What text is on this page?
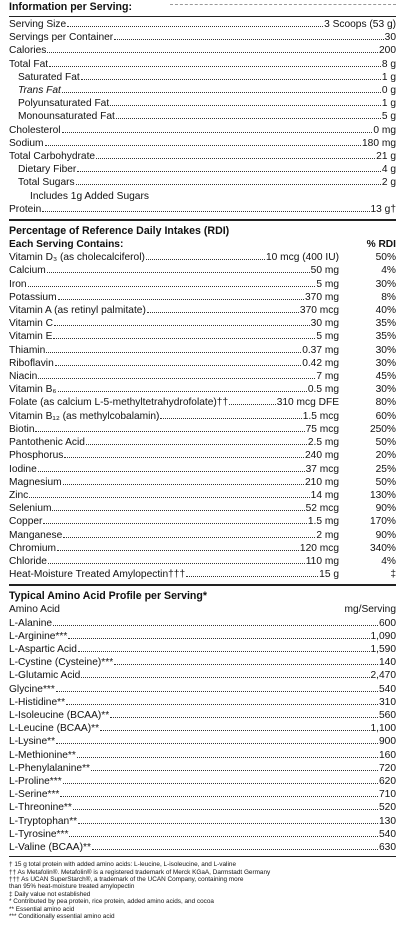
Information per Serving:
Serving Size	3 Scoops (53 g)
Servings per Container	30
Calories	200
Total Fat	8 g
Saturated Fat	1 g
Trans Fat	0 g
Polyunsaturated Fat	1 g
Monounsaturated Fat	5 g
Cholesterol	0 mg
Sodium	180 mg
Total Carbohydrate	21 g
Dietary Fiber	4 g
Total Sugars	2 g
Includes 1g Added Sugars
Protein	13 g†
Percentage of Reference Daily Intakes (RDI)
Each Serving Contains:	% RDI
Vitamin D₃ (as cholecalciferol)	10 mcg (400 IU)	50%
Calcium	50 mg	4%
Iron	5 mg	30%
Potassium	370 mg	8%
Vitamin A (as retinyl palmitate)	370 mcg	40%
Vitamin C	30 mg	35%
Vitamin E	5 mg	35%
Thiamin	0.37 mg	30%
Riboflavin	0.42 mg	30%
Niacin	7 mg	45%
Vitamin B₆	0.5 mg	30%
Folate (as calcium L-5-methyltetrahydrofolate)††	310 mcg DFE	80%
Vitamin B₁₂ (as methylcobalamin)	1.5 mcg	60%
Biotin	75 mcg	250%
Pantothenic Acid	2.5 mg	50%
Phosphorus	240 mg	20%
Iodine	37 mcg	25%
Magnesium	210 mg	50%
Zinc	14 mg	130%
Selenium	52 mcg	90%
Copper	1.5 mg	170%
Manganese	2 mg	90%
Chromium	120 mcg	340%
Chloride	110 mg	4%
Heat-Moisture Treated Amylopectin†††	15 g	‡
Typical Amino Acid Profile per Serving*
Amino Acid	mg/Serving
L-Alanine	600
L-Arginine***	1,090
L-Aspartic Acid	1,590
L-Cystine (Cysteine)***	140
L-Glutamic Acid	2,470
Glycine***	540
L-Histidine**	310
L-Isoleucine (BCAA)**	560
L-Leucine (BCAA)**	1,100
L-Lysine**	900
L-Methionine**	160
L-Phenylalanine**	720
L-Proline***	620
L-Serine***	710
L-Threonine**	520
L-Tryptophan**	130
L-Tyrosine***	540
L-Valine (BCAA)**	630
† 15 g total protein with added amino acids: L-leucine, L-isoleucine, and L-valine
†† As Metafolin®. Metafolin® is a registered trademark of Merck KGaA, Darmstadt Germany
††† As UCAN SuperStarch®, a trademark of the UCAN Company, containing more
than 95% heat-moisture treated amylopectin
‡ Daily value not established
* Contributed by pea protein, rice protein, added amino acids, and cocoa
** Essential amino acid
*** Conditionally essential amino acid
